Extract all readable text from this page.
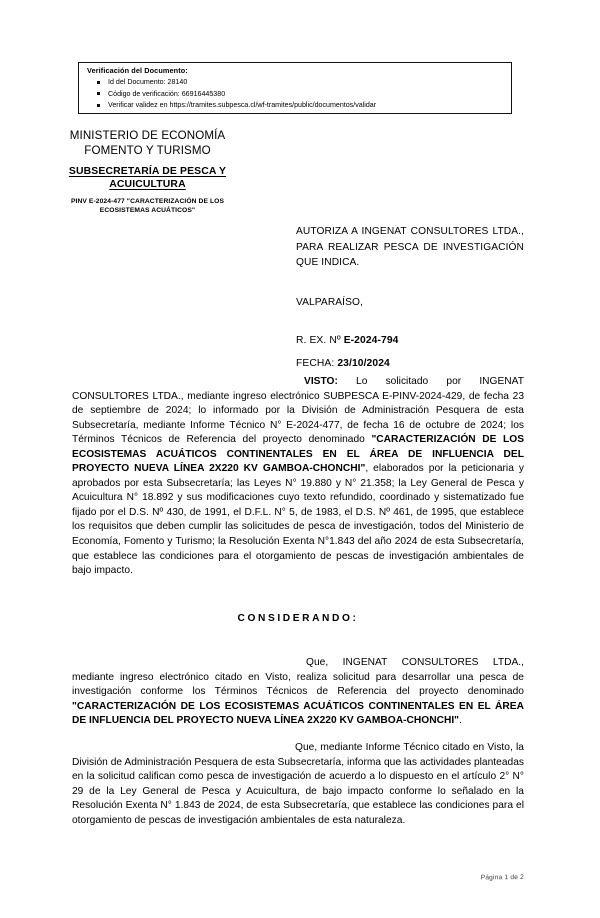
Verificación del Documento:
Id del Documento: 28140
Código de verificación: 66916445380
Verificar validez en https://tramites.subpesca.cl/wf-tramites/public/documentos/validar
MINISTERIO DE ECONOMÍA
FOMENTO Y TURISMO
SUBSECRETARÍA DE PESCA Y
ACUICULTURA
PINV E-2024-477 "CARACTERIZACIÓN DE LOS
ECOSISTEMAS ACUÁTICOS"
AUTORIZA A INGENAT CONSULTORES LTDA., PARA REALIZAR PESCA DE INVESTIGACIÓN QUE INDICA.
VALPARAÍSO,
R. EX. Nº E-2024-794
FECHA: 23/10/2024

VISTO: Lo solicitado por INGENAT CONSULTORES LTDA., mediante ingreso electrónico SUBPESCA E-PINV-2024-429, de fecha 23 de septiembre de 2024; lo informado por la División de Administración Pesquera de esta Subsecretaría, mediante Informe Técnico N° E-2024-477, de fecha 16 de octubre de 2024; los Términos Técnicos de Referencia del proyecto denominado "CARACTERIZACIÓN DE LOS ECOSISTEMAS ACUÁTICOS CONTINENTALES EN EL ÁREA DE INFLUENCIA DEL PROYECTO NUEVA LÍNEA 2X220 KV GAMBOA-CHONCHI", elaborados por la peticionaria y aprobados por esta Subsecretaría; las Leyes N° 19.880 y N° 21.358; la Ley General de Pesca y Acuicultura N° 18.892 y sus modificaciones cuyo texto refundido, coordinado y sistematizado fue fijado por el D.S. Nº 430, de 1991, el D.F.L. N° 5, de 1983, el D.S. Nº 461, de 1995, que establece los requisitos que deben cumplir las solicitudes de pesca de investigación, todos del Ministerio de Economía, Fomento y Turismo; la Resolución Exenta N°1.843 del año 2024 de esta Subsecretaría, que establece las condiciones para el otorgamiento de pescas de investigación ambientales de bajo impacto.

CONSIDERANDO:

Que, INGENAT CONSULTORES LTDA., mediante ingreso electrónico citado en Visto, realiza solicitud para desarrollar una pesca de investigación conforme los Términos Técnicos de Referencia del proyecto denominado "CARACTERIZACIÓN DE LOS ECOSISTEMAS ACUÁTICOS CONTINENTALES EN EL ÁREA DE INFLUENCIA DEL PROYECTO NUEVA LÍNEA 2X220 KV GAMBOA-CHONCHI".

Que, mediante Informe Técnico citado en Visto, la División de Administración Pesquera de esta Subsecretaría, informa que las actividades planteadas en la solicitud califican como pesca de investigación de acuerdo a lo dispuesto en el artículo 2° N° 29 de la Ley General de Pesca y Acuicultura, de bajo impacto conforme lo señalado en la Resolución Exenta N° 1.843 de 2024, de esta Subsecretaría, que establece las condiciones para el otorgamiento de pescas de investigación ambientales de esta naturaleza.

Página 1 de 2
